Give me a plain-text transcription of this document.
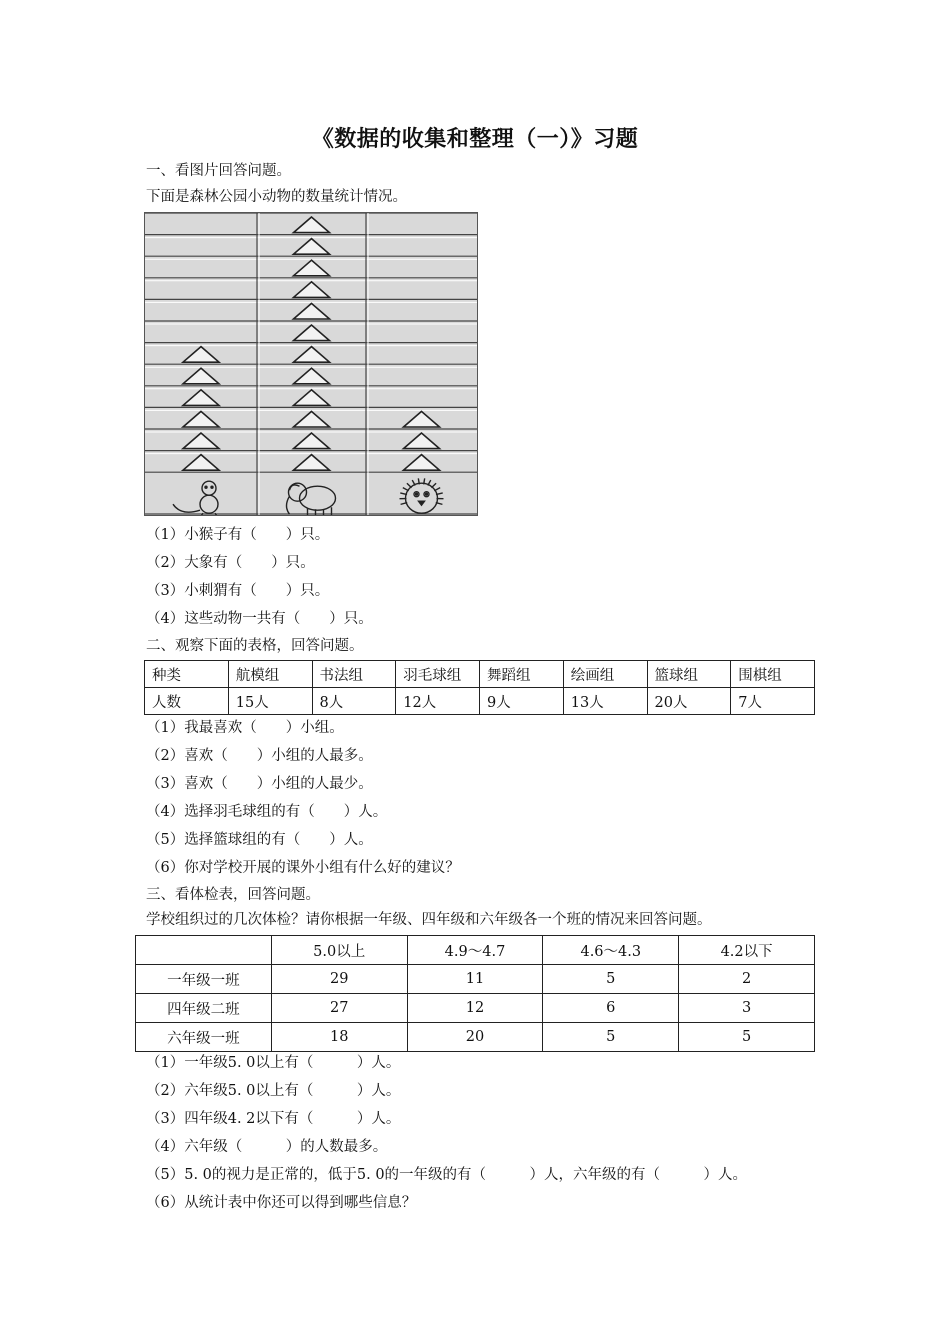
《数据的收集和整理（一）》习题
一、看图片回答问题。
下面是森林公园小动物的数量统计情况。
（1）小猴子有（　　）只。
（2）大象有（　　）只。
（3）小刺猬有（　　）只。
（4）这些动物一共有（　　）只。
二、观察下面的表格，回答问题。
种类	航模组	书法组	羽毛球组	舞蹈组	绘画组	篮球组	围棋组
人数	15人	8人	12人	9人	13人	20人	7人
（1）我最喜欢（　　）小组。
（2）喜欢（　　）小组的人最多。
（3）喜欢（　　）小组的人最少。
（4）选择羽毛球组的有（　　）人。
（5）选择篮球组的有（　　）人。
（6）你对学校开展的课外小组有什么好的建议？
三、看体检表，回答问题。
学校组织过的几次体检？请你根据一年级、四年级和六年级各一个班的情况来回答问题。
	5.0以上	4.9～4.7	4.6～4.3	4.2以下
一年级一班	29	11	5	2
四年级二班	27	12	6	3
六年级一班	18	20	5	5
（1）一年级5. 0以上有（　　　）人。
（2）六年级5. 0以上有（　　　）人。
（3）四年级4. 2以下有（　　　）人。
（4）六年级（　　　）的人数最多。
（5）5. 0的视力是正常的，低于5. 0的一年级的有（　　　）人，六年级的有（　　　）人。
（6）从统计表中你还可以得到哪些信息？
